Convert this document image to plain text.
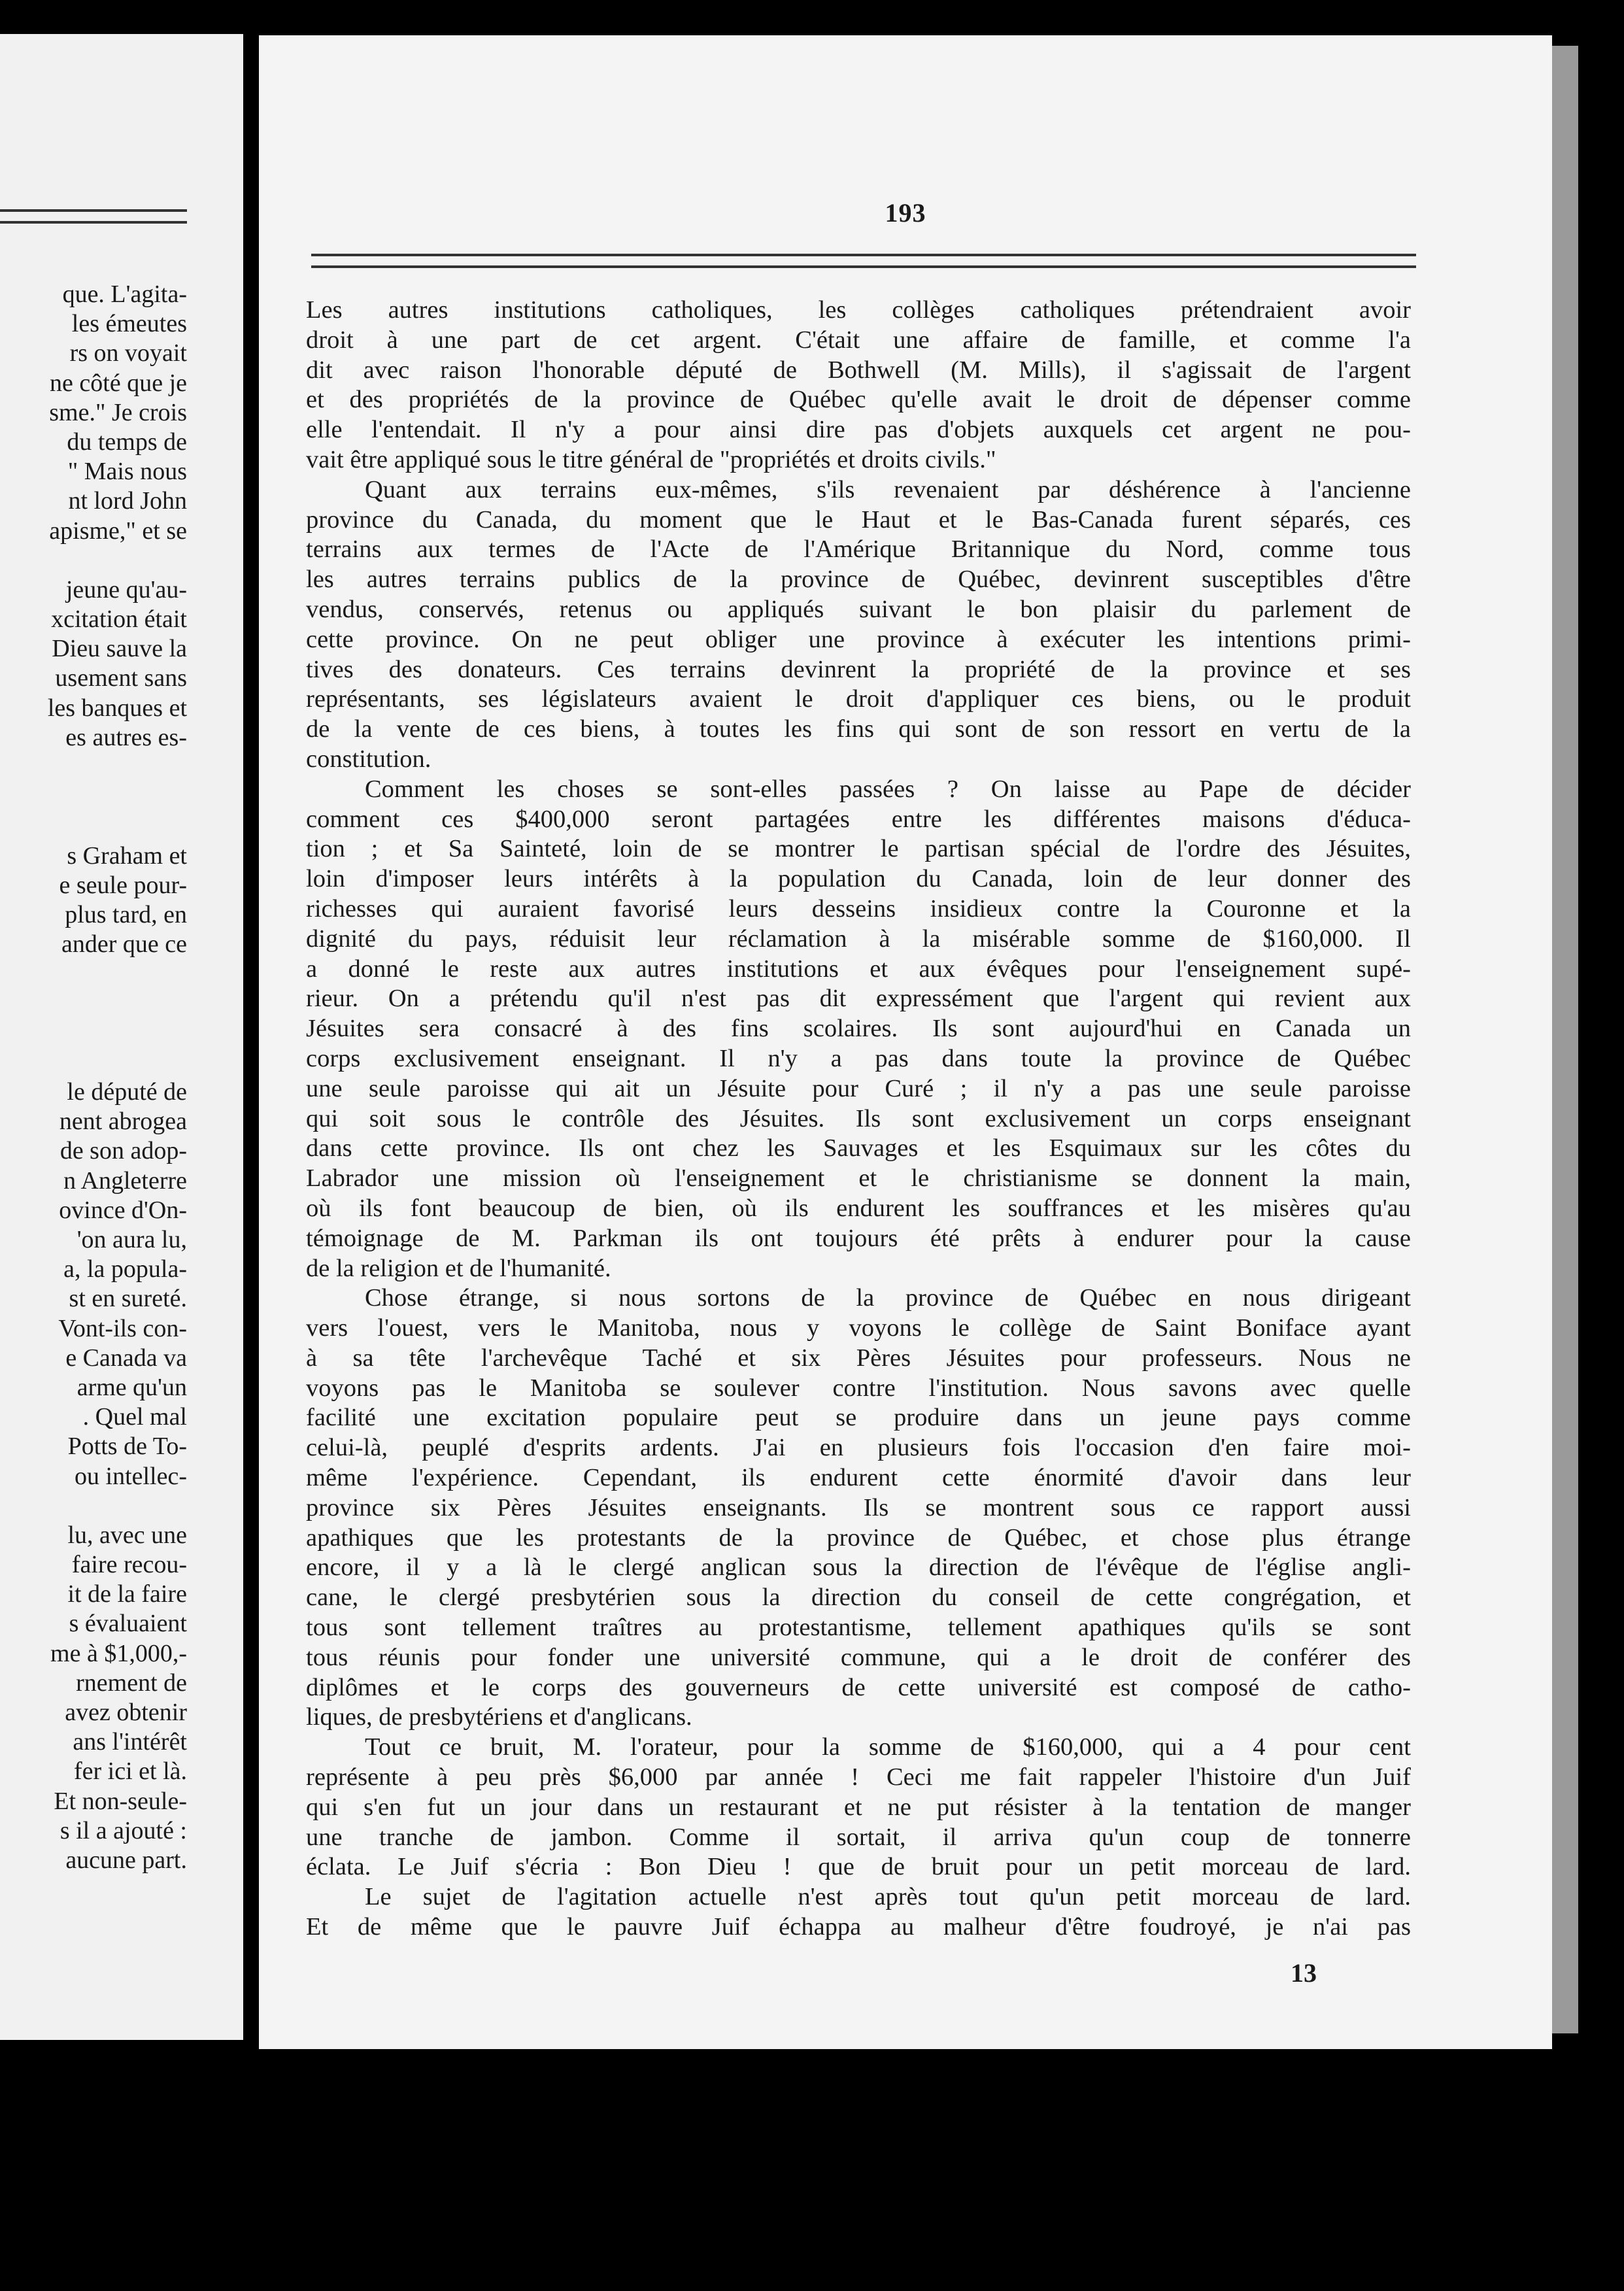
que. L'agita-
les émeutes
rs on voyait
ne côté que je
sme." Je crois
du temps de
" Mais nous
nt lord John
apisme," et se
jeune qu'au-
xcitation était
Dieu sauve la
usement sans
les banques et
es autres es-
s Graham et
e seule pour-
plus tard, en
ander que ce
le député de
nent abrogea
de son adop-
n Angleterre
ovince d'On-
'on aura lu,
a, la popula-
st en sureté.
Vont-ils con-
e Canada va
arme qu'un
. Quel mal
Potts de To-
ou intellec-
lu, avec une
faire recou-
it de la faire
s évaluaient
me à $1,000,-
rnement de
avez obtenir
ans l'intérêt
fer ici et là.
Et non-seule-
s il a ajouté :
aucune part.
193
Les autres institutions catholiques, les collèges catholiques prétendraient avoir
droit à une part de cet argent. C'était une affaire de famille, et comme l'a
dit avec raison l'honorable député de Bothwell (M. Mills), il s'agissait de l'argent
et des propriétés de la province de Québec qu'elle avait le droit de dépenser comme
elle l'entendait. Il n'y a pour ainsi dire pas d'objets auxquels cet argent ne pou-
vait être appliqué sous le titre général de "propriétés et droits civils."
Quant aux terrains eux-mêmes, s'ils revenaient par déshérence à l'ancienne
province du Canada, du moment que le Haut et le Bas-Canada furent séparés, ces
terrains aux termes de l'Acte de l'Amérique Britannique du Nord, comme tous
les autres terrains publics de la province de Québec, devinrent susceptibles d'être
vendus, conservés, retenus ou appliqués suivant le bon plaisir du parlement de
cette province. On ne peut obliger une province à exécuter les intentions primi-
tives des donateurs. Ces terrains devinrent la propriété de la province et ses
représentants, ses législateurs avaient le droit d'appliquer ces biens, ou le produit
de la vente de ces biens, à toutes les fins qui sont de son ressort en vertu de la
constitution.
Comment les choses se sont-elles passées ? On laisse au Pape de décider
comment ces $400,000 seront partagées entre les différentes maisons d'éduca-
tion ; et Sa Sainteté, loin de se montrer le partisan spécial de l'ordre des Jésuites,
loin d'imposer leurs intérêts à la population du Canada, loin de leur donner des
richesses qui auraient favorisé leurs desseins insidieux contre la Couronne et la
dignité du pays, réduisit leur réclamation à la misérable somme de $160,000. Il
a donné le reste aux autres institutions et aux évêques pour l'enseignement supé-
rieur. On a prétendu qu'il n'est pas dit expressément que l'argent qui revient aux
Jésuites sera consacré à des fins scolaires. Ils sont aujourd'hui en Canada un
corps exclusivement enseignant. Il n'y a pas dans toute la province de Québec
une seule paroisse qui ait un Jésuite pour Curé ; il n'y a pas une seule paroisse
qui soit sous le contrôle des Jésuites. Ils sont exclusivement un corps enseignant
dans cette province. Ils ont chez les Sauvages et les Esquimaux sur les côtes du
Labrador une mission où l'enseignement et le christianisme se donnent la main,
où ils font beaucoup de bien, où ils endurent les souffrances et les misères qu'au
témoignage de M. Parkman ils ont toujours été prêts à endurer pour la cause
de la religion et de l'humanité.
Chose étrange, si nous sortons de la province de Québec en nous dirigeant
vers l'ouest, vers le Manitoba, nous y voyons le collège de Saint Boniface ayant
à sa tête l'archevêque Taché et six Pères Jésuites pour professeurs. Nous ne
voyons pas le Manitoba se soulever contre l'institution. Nous savons avec quelle
facilité une excitation populaire peut se produire dans un jeune pays comme
celui-là, peuplé d'esprits ardents. J'ai en plusieurs fois l'occasion d'en faire moi-
même l'expérience. Cependant, ils endurent cette énormité d'avoir dans leur
province six Pères Jésuites enseignants. Ils se montrent sous ce rapport aussi
apathiques que les protestants de la province de Québec, et chose plus étrange
encore, il y a là le clergé anglican sous la direction de l'évêque de l'église angli-
cane, le clergé presbytérien sous la direction du conseil de cette congrégation, et
tous sont tellement traîtres au protestantisme, tellement apathiques qu'ils se sont
tous réunis pour fonder une université commune, qui a le droit de conférer des
diplômes et le corps des gouverneurs de cette université est composé de catho-
liques, de presbytériens et d'anglicans.
Tout ce bruit, M. l'orateur, pour la somme de $160,000, qui a 4 pour cent
représente à peu près $6,000 par année ! Ceci me fait rappeler l'histoire d'un Juif
qui s'en fut un jour dans un restaurant et ne put résister à la tentation de manger
une tranche de jambon. Comme il sortait, il arriva qu'un coup de tonnerre
éclata. Le Juif s'écria : Bon Dieu ! que de bruit pour un petit morceau de lard.
Le sujet de l'agitation actuelle n'est après tout qu'un petit morceau de lard.
Et de même que le pauvre Juif échappa au malheur d'être foudroyé, je n'ai pas
13
